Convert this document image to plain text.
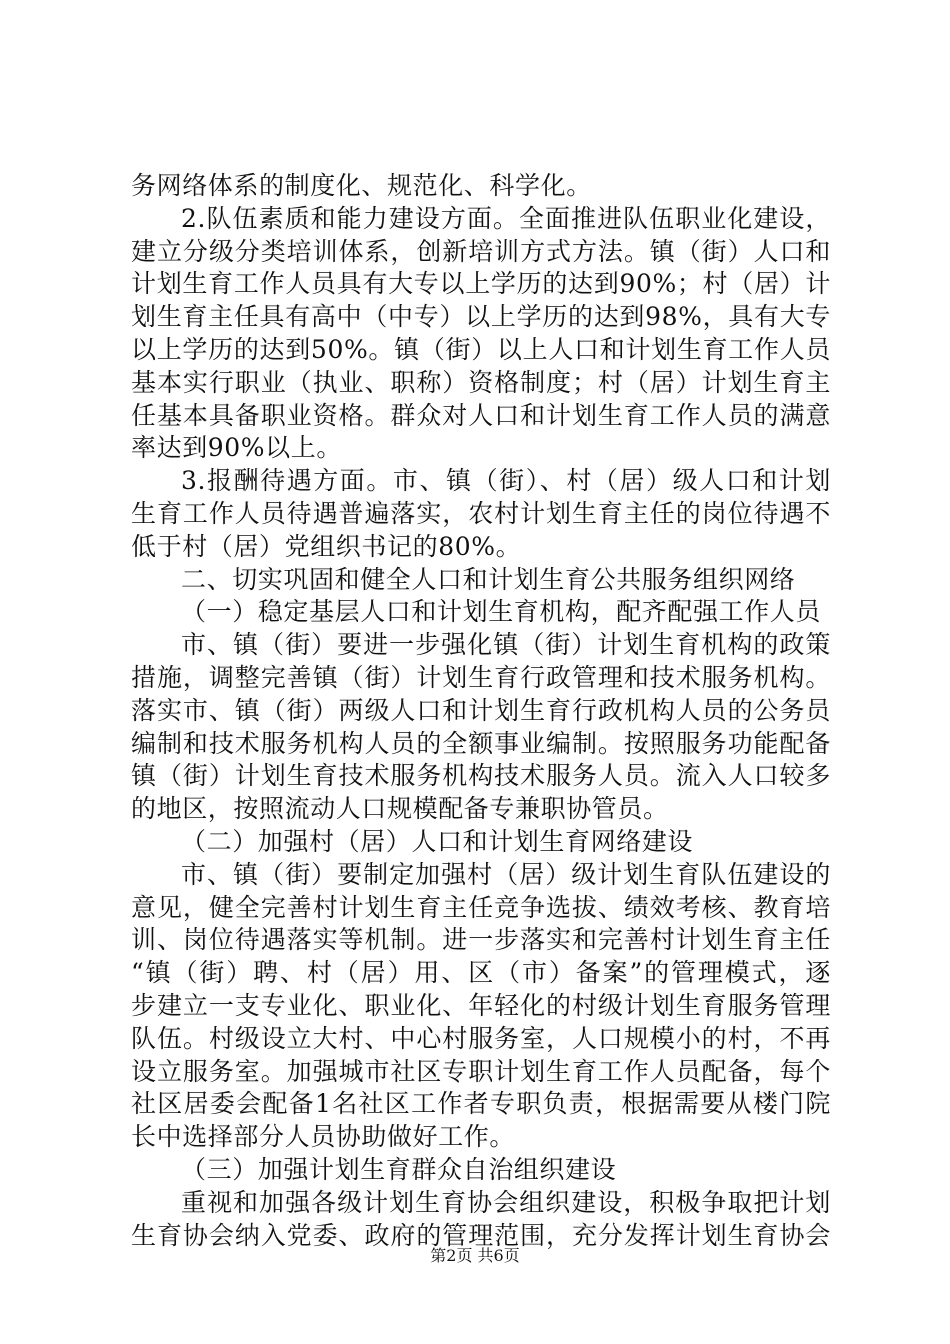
务网络体系的制度化、规范化、科学化。
2.队伍素质和能力建设方面。全面推进队伍职业化建设，
建立分级分类培训体系，创新培训方式方法。镇（街）人口和
计划生育工作人员具有大专以上学历的达到90%；村（居）计
划生育主任具有高中（中专）以上学历的达到98%，具有大专
以上学历的达到50%。镇（街）以上人口和计划生育工作人员
基本实行职业（执业、职称）资格制度；村（居）计划生育主
任基本具备职业资格。群众对人口和计划生育工作人员的满意
率达到90%以上。
3.报酬待遇方面。市、镇（街）、村（居）级人口和计划
生育工作人员待遇普遍落实，农村计划生育主任的岗位待遇不
低于村（居）党组织书记的80%。
二、切实巩固和健全人口和计划生育公共服务组织网络
（一）稳定基层人口和计划生育机构，配齐配强工作人员
市、镇（街）要进一步强化镇（街）计划生育机构的政策
措施，调整完善镇（街）计划生育行政管理和技术服务机构。
落实市、镇（街）两级人口和计划生育行政机构人员的公务员
编制和技术服务机构人员的全额事业编制。按照服务功能配备
镇（街）计划生育技术服务机构技术服务人员。流入人口较多
的地区，按照流动人口规模配备专兼职协管员。
（二）加强村（居）人口和计划生育网络建设
市、镇（街）要制定加强村（居）级计划生育队伍建设的
意见，健全完善村计划生育主任竞争选拔、绩效考核、教育培
训、岗位待遇落实等机制。进一步落实和完善村计划生育主任
“镇（街）聘、村（居）用、区（市）备案”的管理模式，逐
步建立一支专业化、职业化、年轻化的村级计划生育服务管理
队伍。村级设立大村、中心村服务室，人口规模小的村，不再
设立服务室。加强城市社区专职计划生育工作人员配备，每个
社区居委会配备1名社区工作者专职负责，根据需要从楼门院
长中选择部分人员协助做好工作。
（三）加强计划生育群众自治组织建设
重视和加强各级计划生育协会组织建设，积极争取把计划
生育协会纳入党委、政府的管理范围，充分发挥计划生育协会
第2页 共6页
